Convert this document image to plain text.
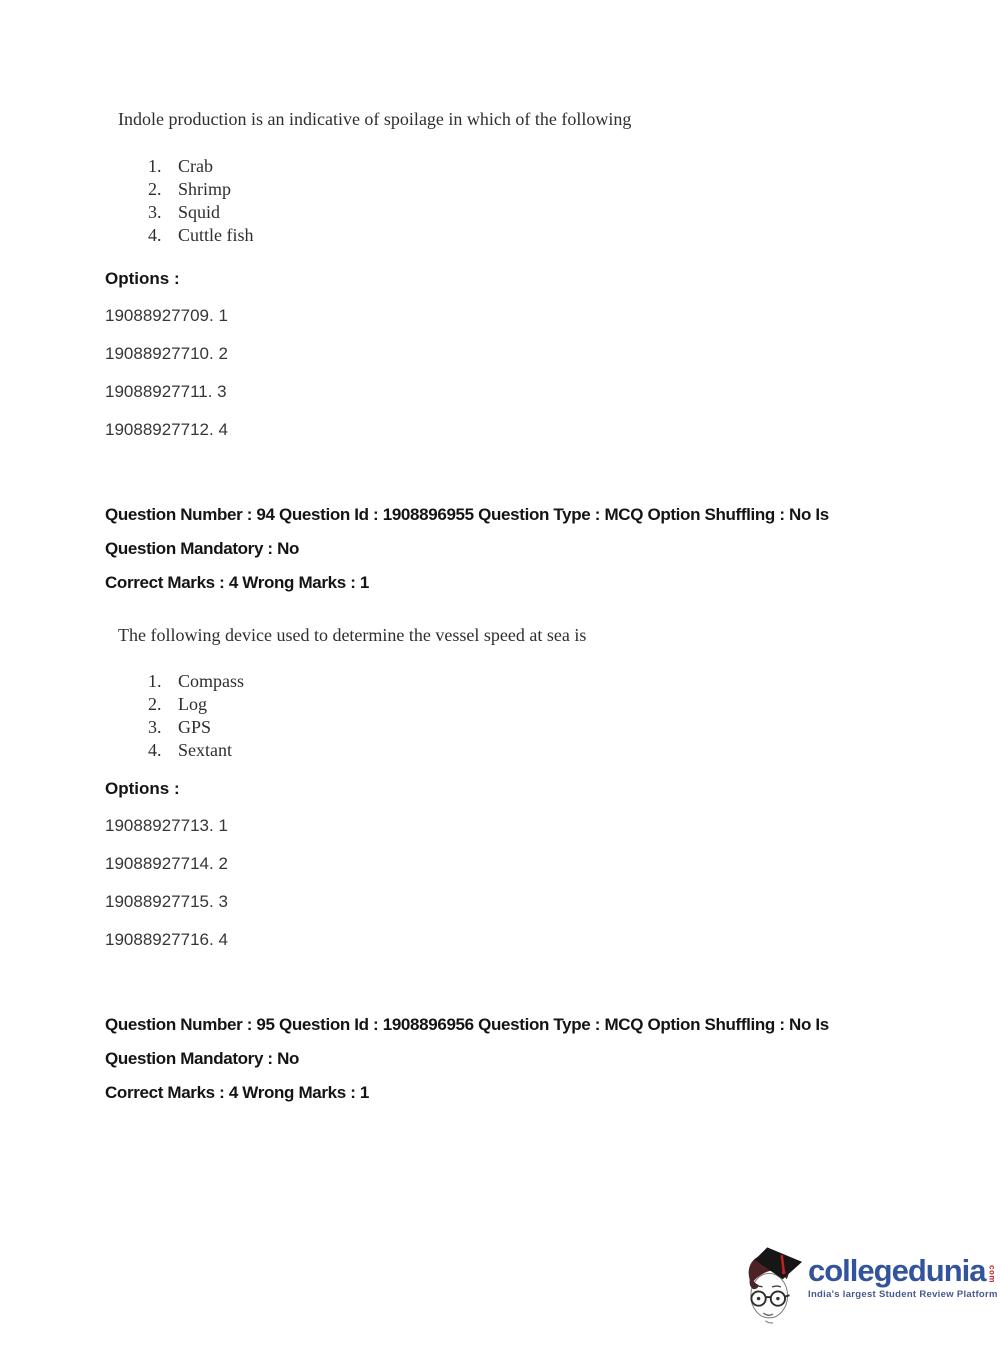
Indole production is an indicative of spoilage in which of the following

1. Crab
2. Shrimp
3. Squid
4. Cuttle fish

Options :

19088927709. 1
19088927710. 2
19088927711. 3
19088927712. 4

Question Number : 94 Question Id : 1908896955 Question Type : MCQ Option Shuffling : No Is

Question Mandatory : No

Correct Marks : 4 Wrong Marks : 1

The following device used to determine the vessel speed at sea is

1. Compass
2. Log
3. GPS
4. Sextant

Options :

19088927713. 1
19088927714. 2
19088927715. 3
19088927716. 4

Question Number : 95 Question Id : 1908896956 Question Type : MCQ Option Shuffling : No Is

Question Mandatory : No

Correct Marks : 4 Wrong Marks : 1

collegedunia com
India's largest Student Review Platform
